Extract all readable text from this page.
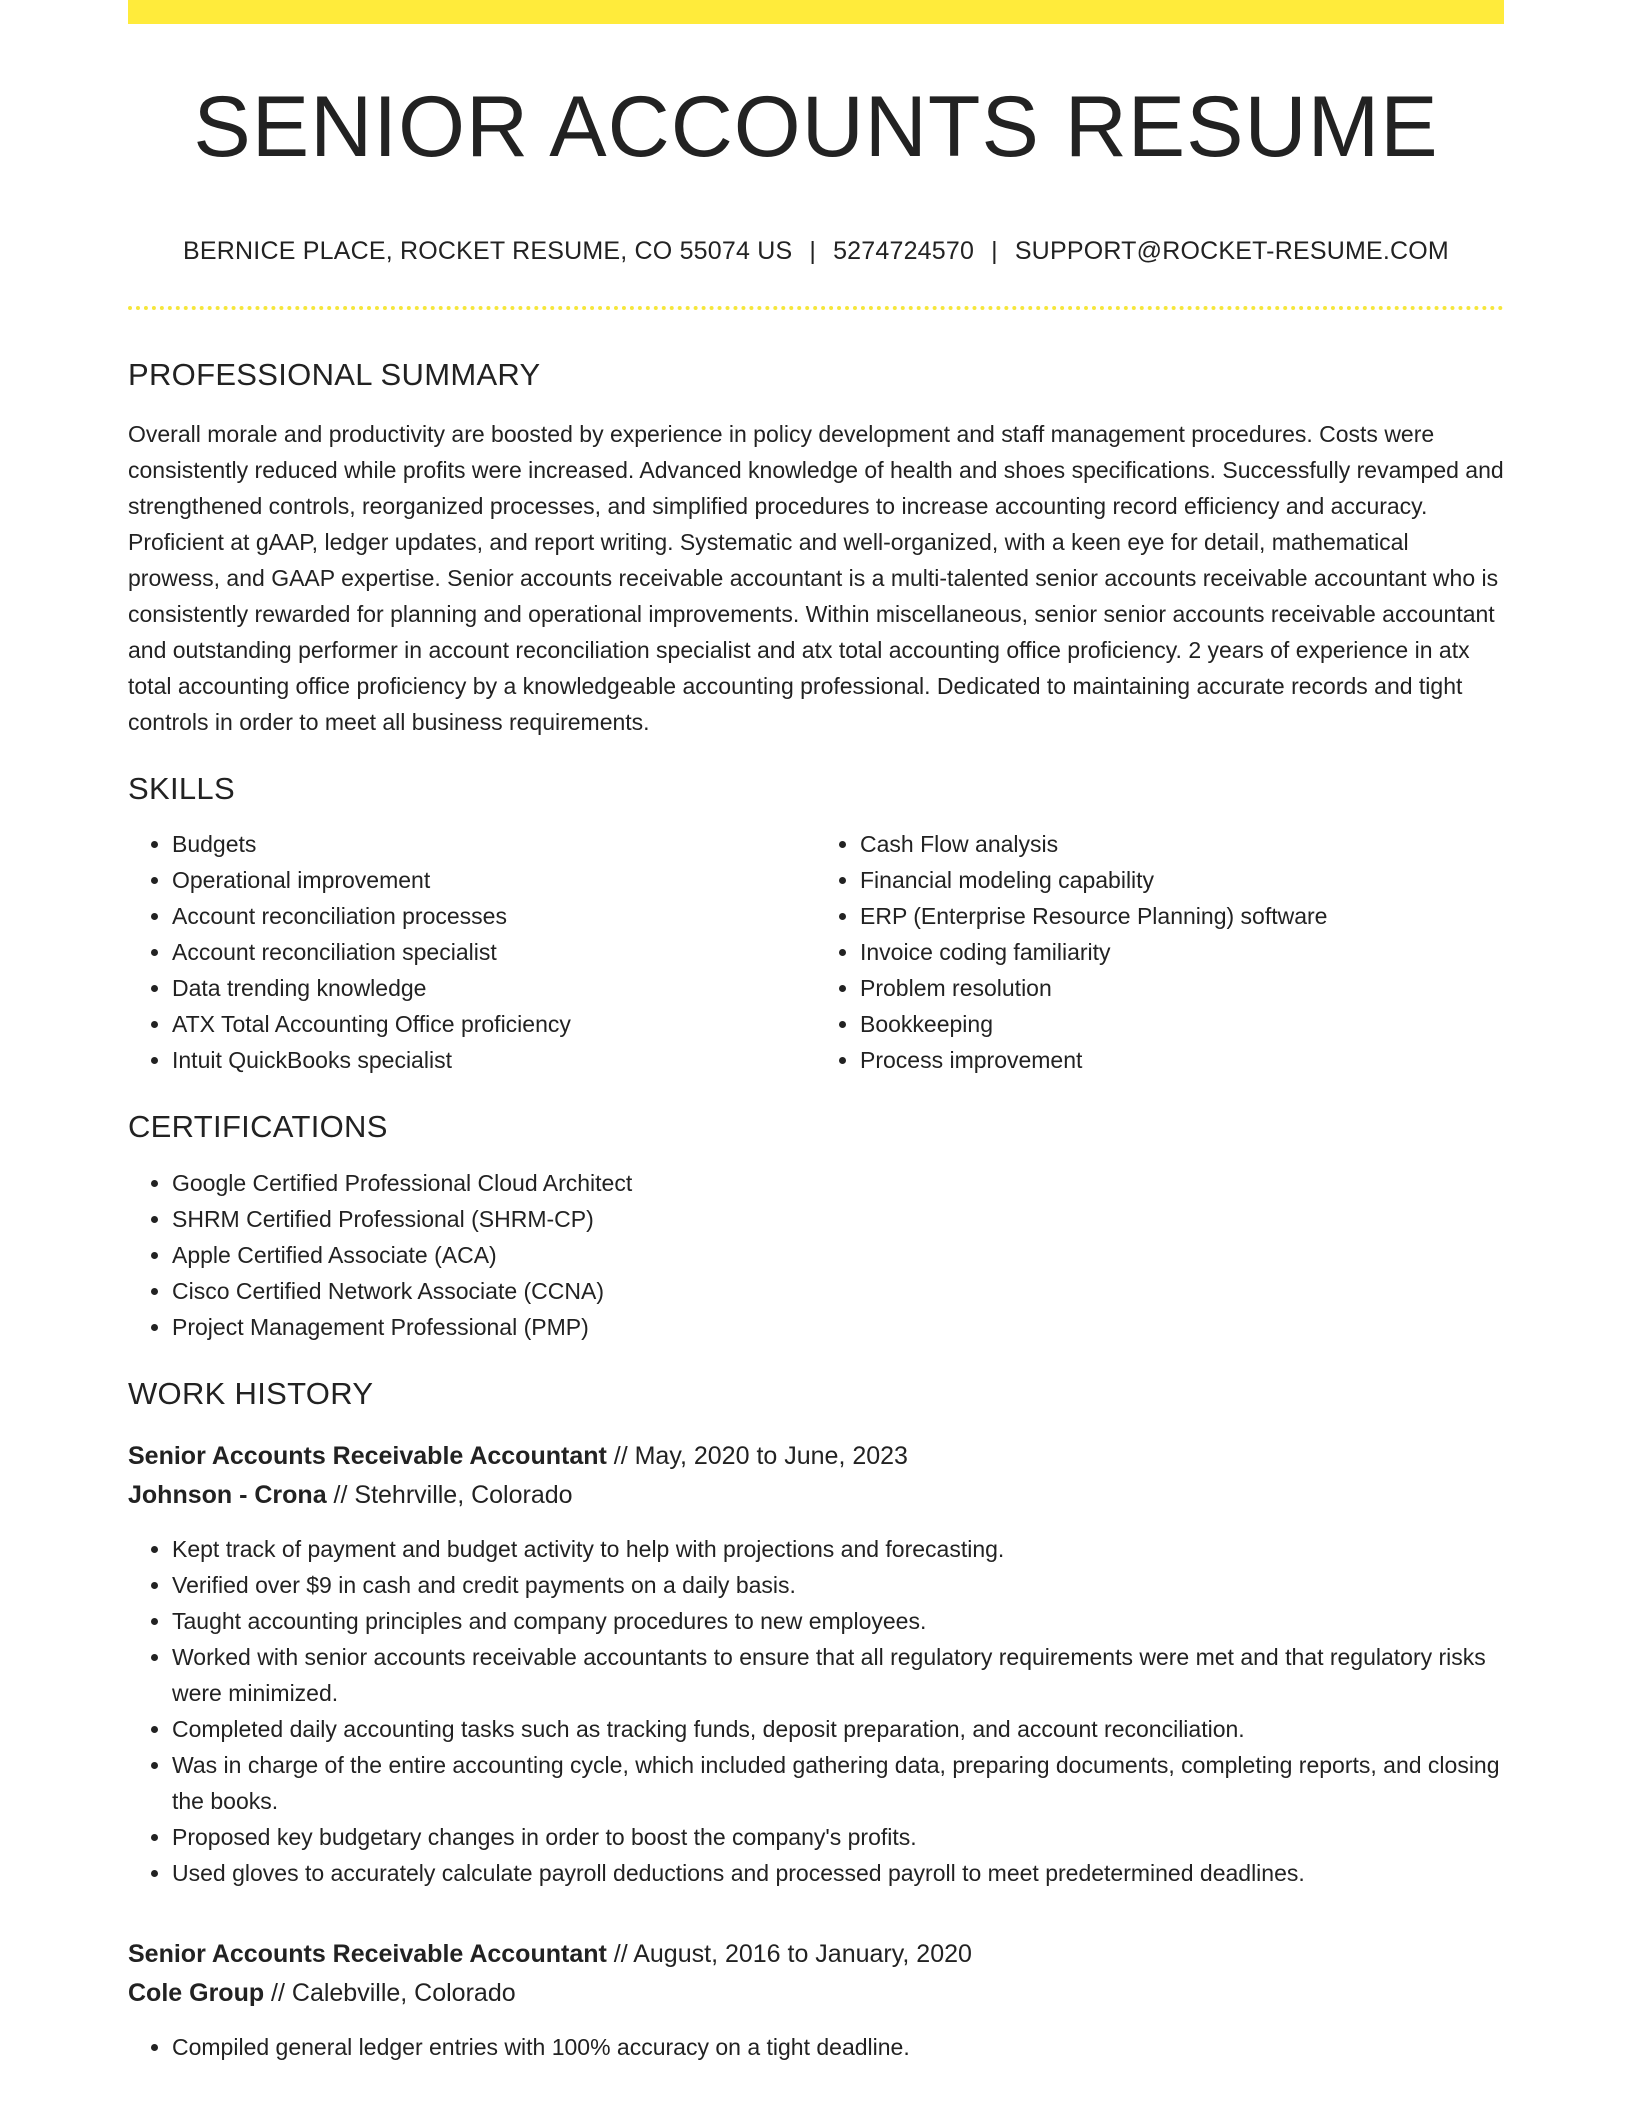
SENIOR ACCOUNTS RESUME
BERNICE PLACE, ROCKET RESUME, CO 55074 US | 5274724570 | SUPPORT@ROCKET-RESUME.COM
PROFESSIONAL SUMMARY

Overall morale and productivity are boosted by experience in policy development and staff management procedures. Costs were consistently reduced while profits were increased. Advanced knowledge of health and shoes specifications. Successfully revamped and strengthened controls, reorganized processes, and simplified procedures to increase accounting record efficiency and accuracy. Proficient at gAAP, ledger updates, and report writing. Systematic and well-organized, with a keen eye for detail, mathematical prowess, and GAAP expertise. Senior accounts receivable accountant is a multi-talented senior accounts receivable accountant who is consistently rewarded for planning and operational improvements. Within miscellaneous, senior senior accounts receivable accountant and outstanding performer in account reconciliation specialist and atx total accounting office proficiency. 2 years of experience in atx total accounting office proficiency by a knowledgeable accounting professional. Dedicated to maintaining accurate records and tight controls in order to meet all business requirements.

SKILLS
• Budgets
• Operational improvement
• Account reconciliation processes
• Account reconciliation specialist
• Data trending knowledge
• ATX Total Accounting Office proficiency
• Intuit QuickBooks specialist
• Cash Flow analysis
• Financial modeling capability
• ERP (Enterprise Resource Planning) software
• Invoice coding familiarity
• Problem resolution
• Bookkeeping
• Process improvement
CERTIFICATIONS
• Google Certified Professional Cloud Architect
• SHRM Certified Professional (SHRM-CP)
• Apple Certified Associate (ACA)
• Cisco Certified Network Associate (CCNA)
• Project Management Professional (PMP)
WORK HISTORY
Senior Accounts Receivable Accountant // May, 2020 to June, 2023
Johnson - Crona // Stehrville, Colorado
• Kept track of payment and budget activity to help with projections and forecasting.
• Verified over $9 in cash and credit payments on a daily basis.
• Taught accounting principles and company procedures to new employees.
• Worked with senior accounts receivable accountants to ensure that all regulatory requirements were met and that regulatory risks were minimized.
• Completed daily accounting tasks such as tracking funds, deposit preparation, and account reconciliation.
• Was in charge of the entire accounting cycle, which included gathering data, preparing documents, completing reports, and closing the books.
• Proposed key budgetary changes in order to boost the company's profits.
• Used gloves to accurately calculate payroll deductions and processed payroll to meet predetermined deadlines.
Senior Accounts Receivable Accountant // August, 2016 to January, 2020
Cole Group // Calebville, Colorado
• Compiled general ledger entries with 100% accuracy on a tight deadline.
